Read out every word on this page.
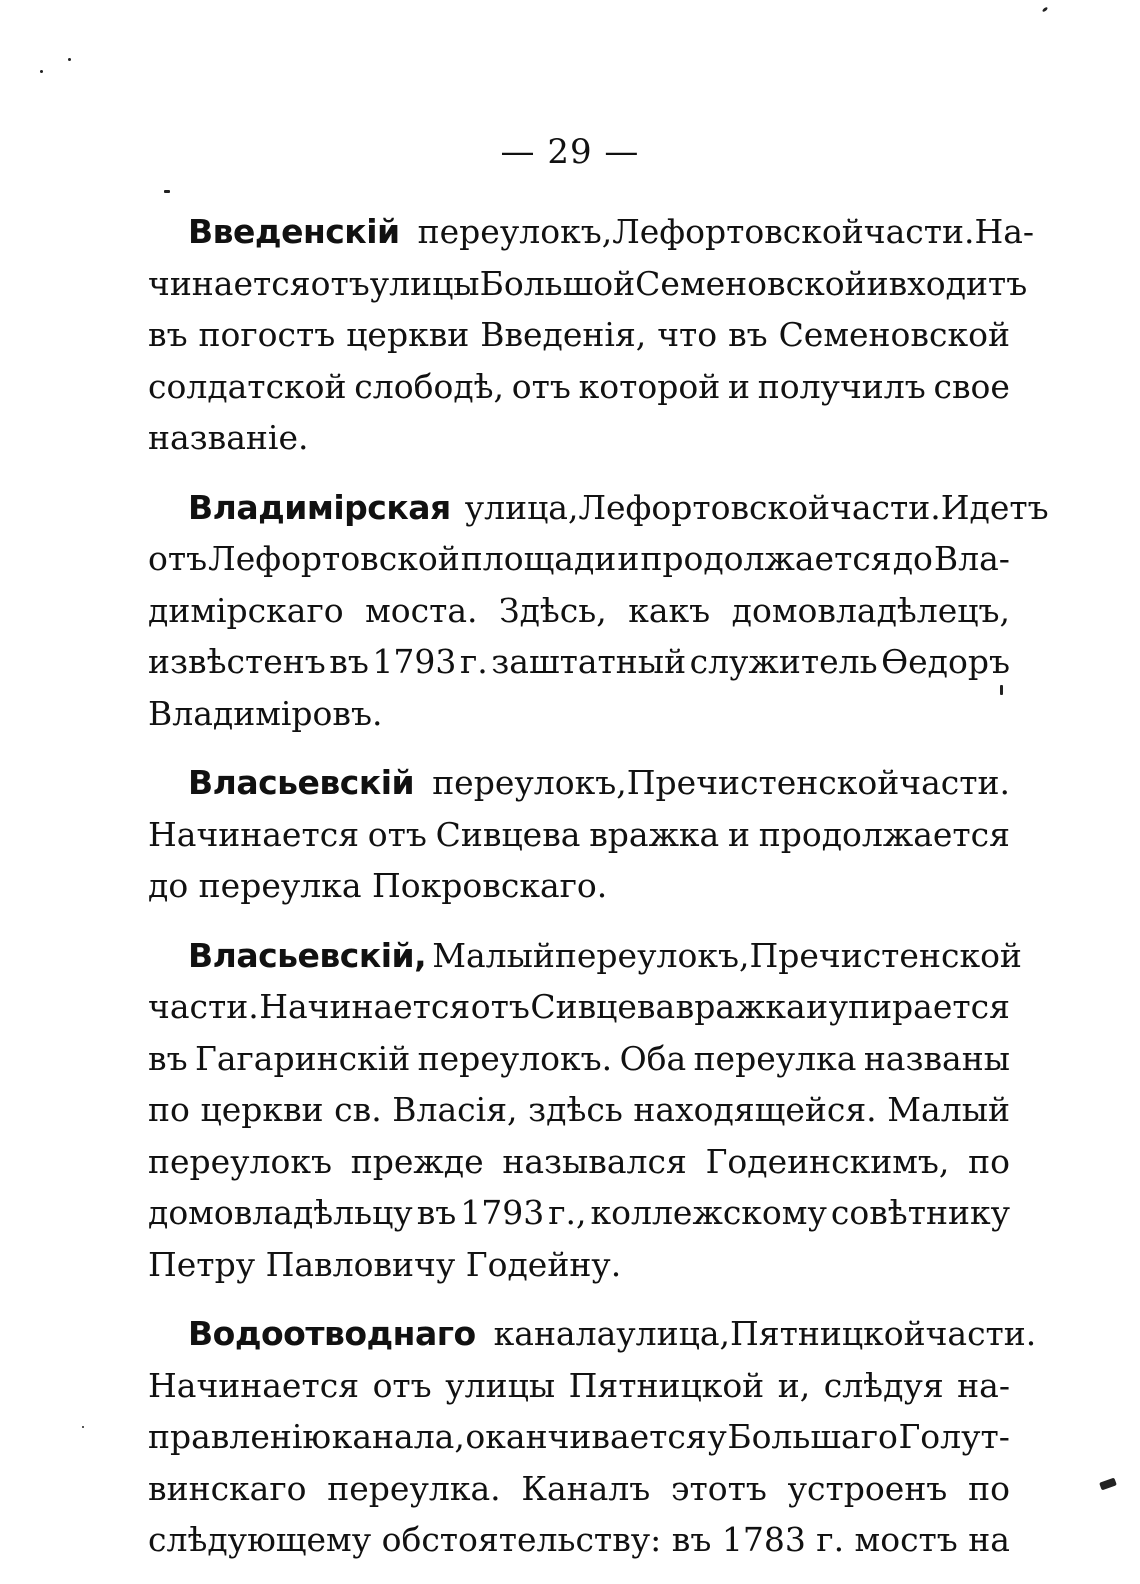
— 29 —
Введенскій переулокъ, Лефортовской части. На-
чинается отъ улицы Большой Семеновской и входитъ
въ погостъ церкви Введенія, что въ Семеновской
солдатской слободѣ, отъ которой и получилъ свое
названіе.
Владимірская улица, Лефортовской части. Идетъ
отъ Лефортовской площади и продолжается до Вла-
димірскаго моста. Здѣсь, какъ домовладѣлецъ,
извѣстенъ въ 1793 г. заштатный служитель Ѳедоръ
Владиміровъ.
Власьевскій переулокъ, Пречистенской части.
Начинается отъ Сивцева вражка и продолжается
до переулка Покровскаго.
Власьевскій, Малый переулокъ, Пречистенской
части. Начинается отъ Сивцева вражка и упирается
въ Гагаринскій переулокъ. Оба переулка названы
по церкви св. Власія, здѣсь находящейся. Малый
переулокъ прежде назывался Годеинскимъ, по
домовладѣльцу въ 1793 г., коллежскому совѣтнику
Петру Павловичу Годейну.
Водоотводнаго канала улица, Пятницкой части.
Начинается отъ улицы Пятницкой и, слѣдуя на-
правленію канала, оканчивается у Большаго Голут-
винскаго переулка. Каналъ этотъ устроенъ по
слѣдующему обстоятельству: въ 1783 г. мостъ на
